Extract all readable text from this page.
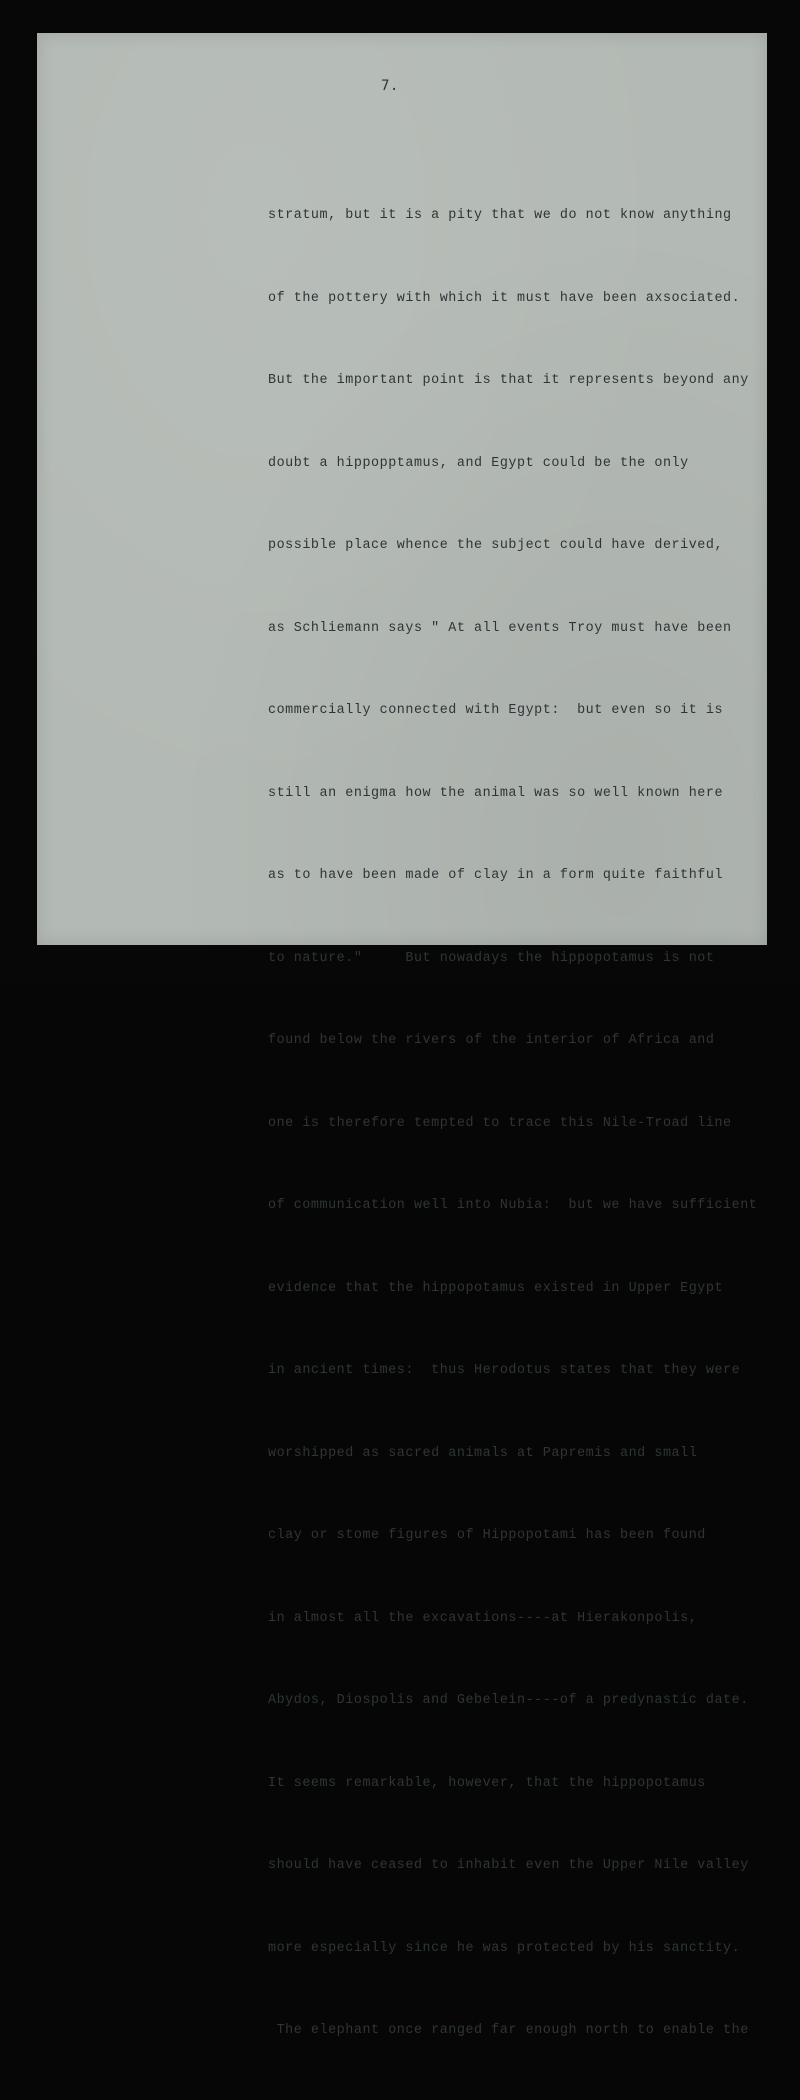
7.

stratum, but it is a pity that we do not know anything

of the pottery with which it must have been axsociated.

But the important point is that it represents beyond any

doubt a hippopptamus, and Egypt could be the only

possible place whence the subject could have derived,

as Schliemann says " At all events Troy must have been

commercially connected with Egypt:  but even so it is

still an enigma how the animal was so well known here

as to have been made of clay in a form quite faithful

to nature."     But nowadays the hippopotamus is not

found below the rivers of the interior of Africa and

one is therefore tempted to trace this Nile-Troad line

of communication well into Nubia:  but we have sufficient

evidence that the hippopotamus existed in Upper Egypt

in ancient times:  thus Herodotus states that they were

worshipped as sacred animals at Papremis and small

clay or stome figures of Hippopotami has been found

in almost all the excavations----at Hierakonpolis,

Abydos, Diospolis and Gebelein----of a predynastic date.

It seems remarkable, however, that the hippopotamus

should have ceased to inhabit even the Upper Nile valley

more especially since he was protected by his sanctity.

The elephant once ranged far enough north to enable the
